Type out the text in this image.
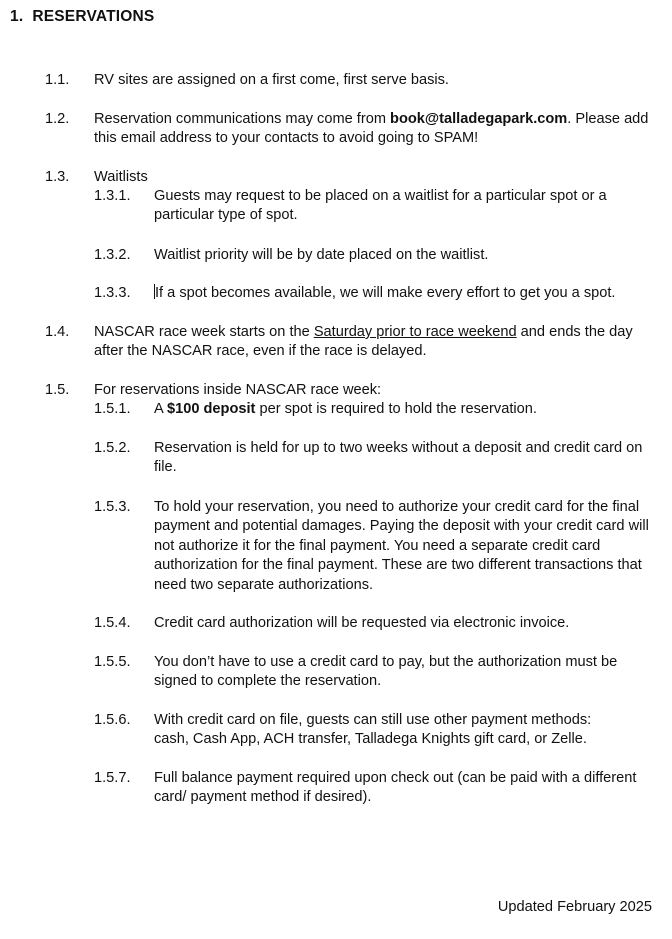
1. RESERVATIONS
1.1. RV sites are assigned on a first come, first serve basis.
1.2. Reservation communications may come from book@talladegapark.com. Please add this email address to your contacts to avoid going to SPAM!
1.3. Waitlists
1.3.1. Guests may request to be placed on a waitlist for a particular spot or a particular type of spot.
1.3.2. Waitlist priority will be by date placed on the waitlist.
1.3.3. If a spot becomes available, we will make every effort to get you a spot.
1.4. NASCAR race week starts on the Saturday prior to race weekend and ends the day after the NASCAR race, even if the race is delayed.
1.5. For reservations inside NASCAR race week:
1.5.1. A $100 deposit per spot is required to hold the reservation.
1.5.2. Reservation is held for up to two weeks without a deposit and credit card on file.
1.5.3. To hold your reservation, you need to authorize your credit card for the final payment and potential damages. Paying the deposit with your credit card will not authorize it for the final payment. You need a separate credit card authorization for the final payment. These are two different transactions that need two separate authorizations.
1.5.4. Credit card authorization will be requested via electronic invoice.
1.5.5. You don’t have to use a credit card to pay, but the authorization must be signed to complete the reservation.
1.5.6. With credit card on file, guests can still use other payment methods:
cash, Cash App, ACH transfer, Talladega Knights gift card, or Zelle.
1.5.7. Full balance payment required upon check out (can be paid with a different card/ payment method if desired).
Updated February 2025
